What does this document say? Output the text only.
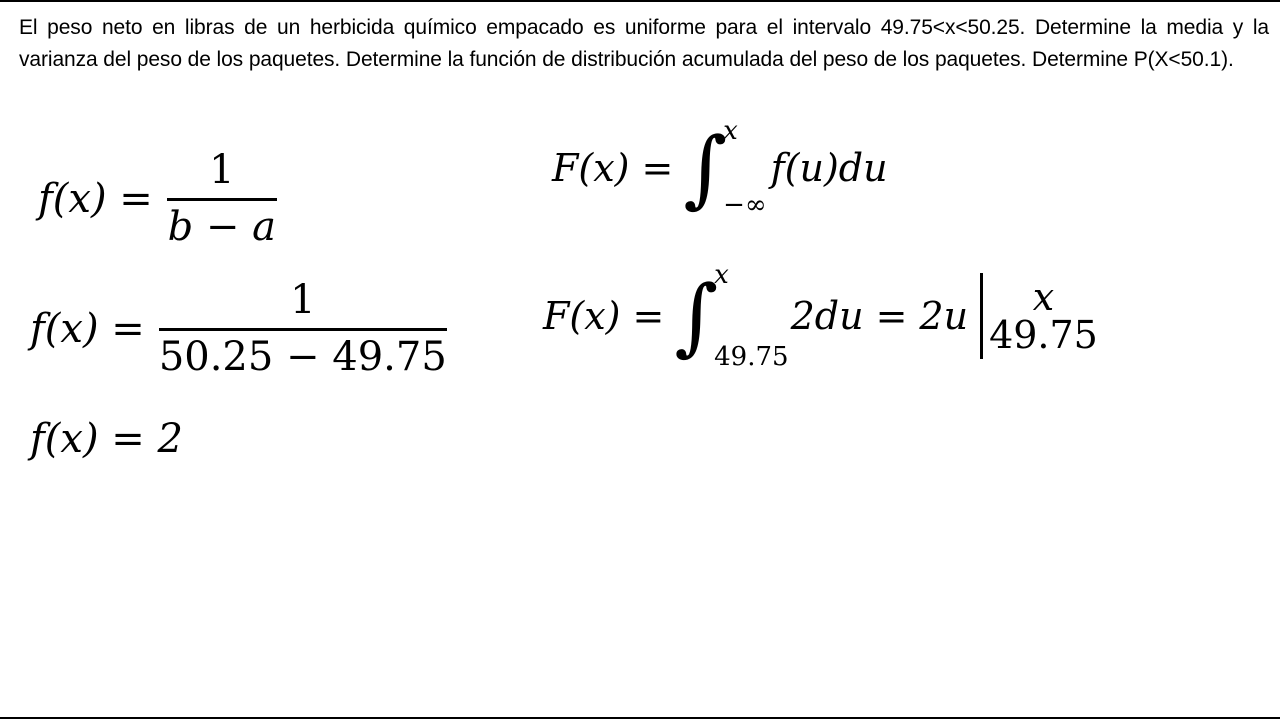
El peso neto en libras de un herbicida químico empacado es uniforme para el intervalo 49.75<x<50.25. Determine la media y la varianza del peso de los paquetes. Determine la función de distribución acumulada del peso de los paquetes. Determine P(X<50.1).

$f(x) = \frac{1}{b - a}$
$f(x) = \frac{1}{50.25 - 49.75}$
f(x) = 2
F(x) = ∫
x
−∞
f(u)du
F(x) = ∫
x
49.75
2du = 2u x
49.75
